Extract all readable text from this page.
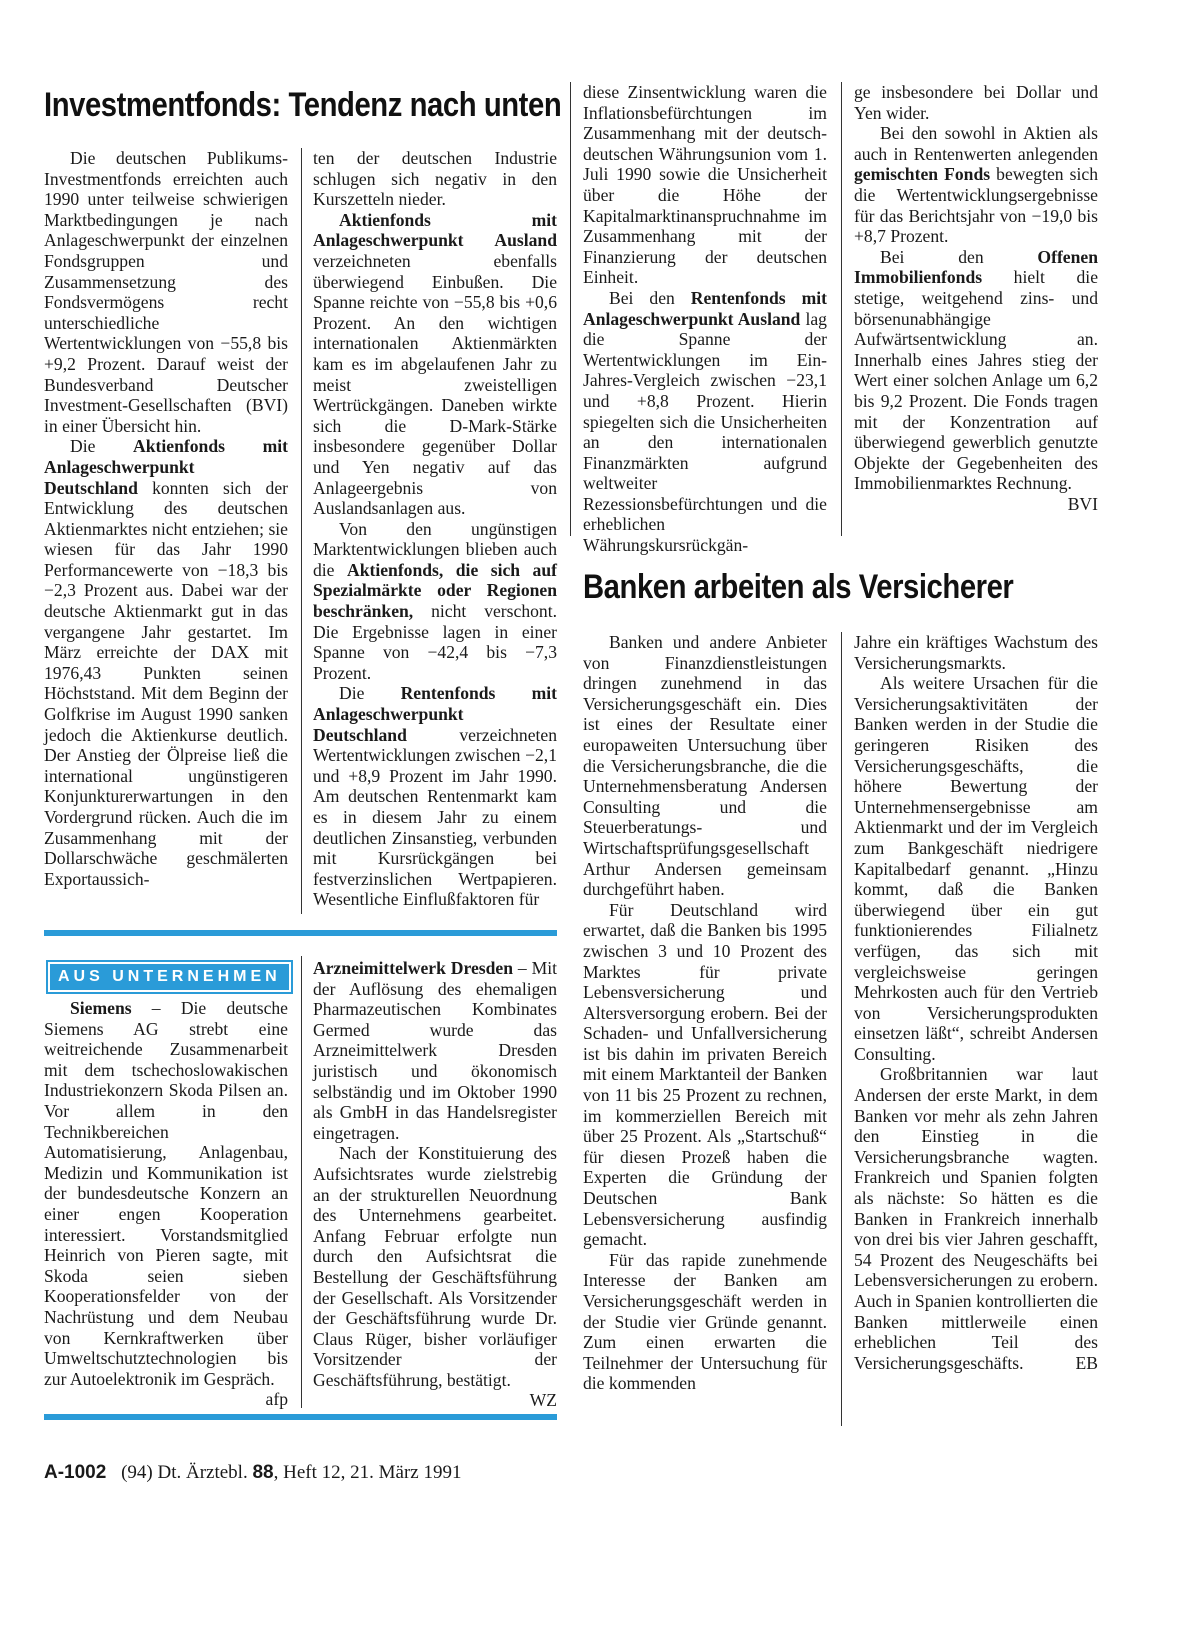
Investmentfonds: Tendenz nach unten

Die deutschen Publikums-Investmentfonds erreichten auch 1990 unter teilweise schwierigen Marktbedingungen je nach Anlageschwerpunkt der einzelnen Fondsgruppen und Zusammensetzung des Fondsvermögens recht unterschiedliche Wertentwicklungen von −55,8 bis +9,2 Prozent. Darauf weist der Bundesverband Deutscher Investment-Gesellschaften (BVI) in einer Übersicht hin.

Die Aktienfonds mit Anlageschwerpunkt Deutschland konnten sich der Entwicklung des deutschen Aktienmarktes nicht entziehen; sie wiesen für das Jahr 1990 Performancewerte von −18,3 bis −2,3 Prozent aus. Dabei war der deutsche Aktienmarkt gut in das vergangene Jahr gestartet. Im März erreichte der DAX mit 1976,43 Punkten seinen Höchststand. Mit dem Beginn der Golfkrise im August 1990 sanken jedoch die Aktienkurse deutlich. Der Anstieg der Ölpreise ließ die international ungünstigeren Konjunkturerwartungen in den Vordergrund rücken. Auch die im Zusammenhang mit der Dollarschwäche geschmälerten Exportaussich-

ten der deutschen Industrie schlugen sich negativ in den Kurszetteln nieder.

Aktienfonds mit Anlageschwerpunkt Ausland verzeichneten ebenfalls überwiegend Einbußen. Die Spanne reichte von −55,8 bis +0,6 Prozent. An den wichtigen internationalen Aktienmärkten kam es im abgelaufenen Jahr zu meist zweistelligen Wertrückgängen. Daneben wirkte sich die D-Mark-Stärke insbesondere gegenüber Dollar und Yen negativ auf das Anlageergebnis von Auslandsanlagen aus.

Von den ungünstigen Marktentwicklungen blieben auch die Aktienfonds, die sich auf Spezialmärkte oder Regionen beschränken, nicht verschont. Die Ergebnisse lagen in einer Spanne von −42,4 bis −7,3 Prozent.

Die Rentenfonds mit Anlageschwerpunkt Deutschland verzeichneten Wertentwicklungen zwischen −2,1 und +8,9 Prozent im Jahr 1990. Am deutschen Rentenmarkt kam es in diesem Jahr zu einem deutlichen Zinsanstieg, verbunden mit Kursrückgängen bei festverzinslichen Wertpapieren. Wesentliche Einflußfaktoren für

diese Zinsentwicklung waren die Inflationsbefürchtungen im Zusammenhang mit der deutsch-deutschen Währungsunion vom 1. Juli 1990 sowie die Unsicherheit über die Höhe der Kapitalmarktinanspruchnahme im Zusammenhang mit der Finanzierung der deutschen Einheit.

Bei den Rentenfonds mit Anlageschwerpunkt Ausland lag die Spanne der Wertentwicklungen im Ein-Jahres-Vergleich zwischen −23,1 und +8,8 Prozent. Hierin spiegelten sich die Unsicherheiten an den internationalen Finanzmärkten aufgrund weltweiter Rezessionsbefürchtungen und die erheblichen Währungskursrückgän-

ge insbesondere bei Dollar und Yen wider.

Bei den sowohl in Aktien als auch in Rentenwerten anlegenden gemischten Fonds bewegten sich die Wertentwicklungsergebnisse für das Berichtsjahr von −19,0 bis +8,7 Prozent.

Bei den Offenen Immobilienfonds hielt die stetige, weitgehend zins- und börsenunabhängige Aufwärtsentwicklung an. Innerhalb eines Jahres stieg der Wert einer solchen Anlage um 6,2 bis 9,2 Prozent. Die Fonds tragen mit der Konzentration auf überwiegend gewerblich genutzte Objekte der Gegebenheiten des Immobilienmarktes Rechnung.
BVI

Banken arbeiten als Versicherer

Banken und andere Anbieter von Finanzdienstleistungen dringen zunehmend in das Versicherungsgeschäft ein. Dies ist eines der Resultate einer europaweiten Untersuchung über die Versicherungsbranche, die die Unternehmensberatung Andersen Consulting und die Steuerberatungs- und Wirtschaftsprüfungsgesellschaft Arthur Andersen gemeinsam durchgeführt haben.

Für Deutschland wird erwartet, daß die Banken bis 1995 zwischen 3 und 10 Prozent des Marktes für private Lebensversicherung und Altersversorgung erobern. Bei der Schaden- und Unfallversicherung ist bis dahin im privaten Bereich mit einem Marktanteil der Banken von 11 bis 25 Prozent zu rechnen, im kommerziellen Bereich mit über 25 Prozent. Als „Startschuß“ für diesen Prozeß haben die Experten die Gründung der Deutschen Bank Lebensversicherung ausfindig gemacht.

Für das rapide zunehmende Interesse der Banken am Versicherungsgeschäft werden in der Studie vier Gründe genannt. Zum einen erwarten die Teilnehmer der Untersuchung für die kommenden

Jahre ein kräftiges Wachstum des Versicherungsmarkts.

Als weitere Ursachen für die Versicherungsaktivitäten der Banken werden in der Studie die geringeren Risiken des Versicherungsgeschäfts, die höhere Bewertung der Unternehmensergebnisse am Aktienmarkt und der im Vergleich zum Bankgeschäft niedrigere Kapitalbedarf genannt. „Hinzu kommt, daß die Banken überwiegend über ein gut funktionierendes Filialnetz verfügen, das sich mit vergleichsweise geringen Mehrkosten auch für den Vertrieb von Versicherungsprodukten einsetzen läßt“, schreibt Andersen Consulting.

Großbritannien war laut Andersen der erste Markt, in dem Banken vor mehr als zehn Jahren den Einstieg in die Versicherungsbranche wagten. Frankreich und Spanien folgten als nächste: So hätten es die Banken in Frankreich innerhalb von drei bis vier Jahren geschafft, 54 Prozent des Neugeschäfts bei Lebensversicherungen zu erobern. Auch in Spanien kontrollierten die Banken mittlerweile einen erheblichen Teil des Versicherungsgeschäfts.	EB

AUS UNTERNEHMEN

Siemens – Die deutsche Siemens AG strebt eine weitreichende Zusammenarbeit mit dem tschechoslowakischen Industriekonzern Skoda Pilsen an. Vor allem in den Technikbereichen Automatisierung, Anlagenbau, Medizin und Kommunikation ist der bundesdeutsche Konzern an einer engen Kooperation interessiert. Vorstandsmitglied Heinrich von Pieren sagte, mit Skoda seien sieben Kooperationsfelder von der Nachrüstung und dem Neubau von Kernkraftwerken über Umweltschutztechnologien bis zur Autoelektronik im Gespräch.
afp

Arzneimittelwerk Dresden – Mit der Auflösung des ehemaligen Pharmazeutischen Kombinates Germed wurde das Arzneimittelwerk Dresden juristisch und ökonomisch selbständig und im Oktober 1990 als GmbH in das Handelsregister eingetragen.

Nach der Konstituierung des Aufsichtsrates wurde zielstrebig an der strukturellen Neuordnung des Unternehmens gearbeitet. Anfang Februar erfolgte nun durch den Aufsichtsrat die Bestellung der Geschäftsführung der Gesellschaft. Als Vorsitzender der Geschäftsführung wurde Dr. Claus Rüger, bisher vorläufiger Vorsitzender der Geschäftsführung, bestätigt.
WZ

A-1002 (94) Dt. Ärztebl. 88, Heft 12, 21. März 1991
